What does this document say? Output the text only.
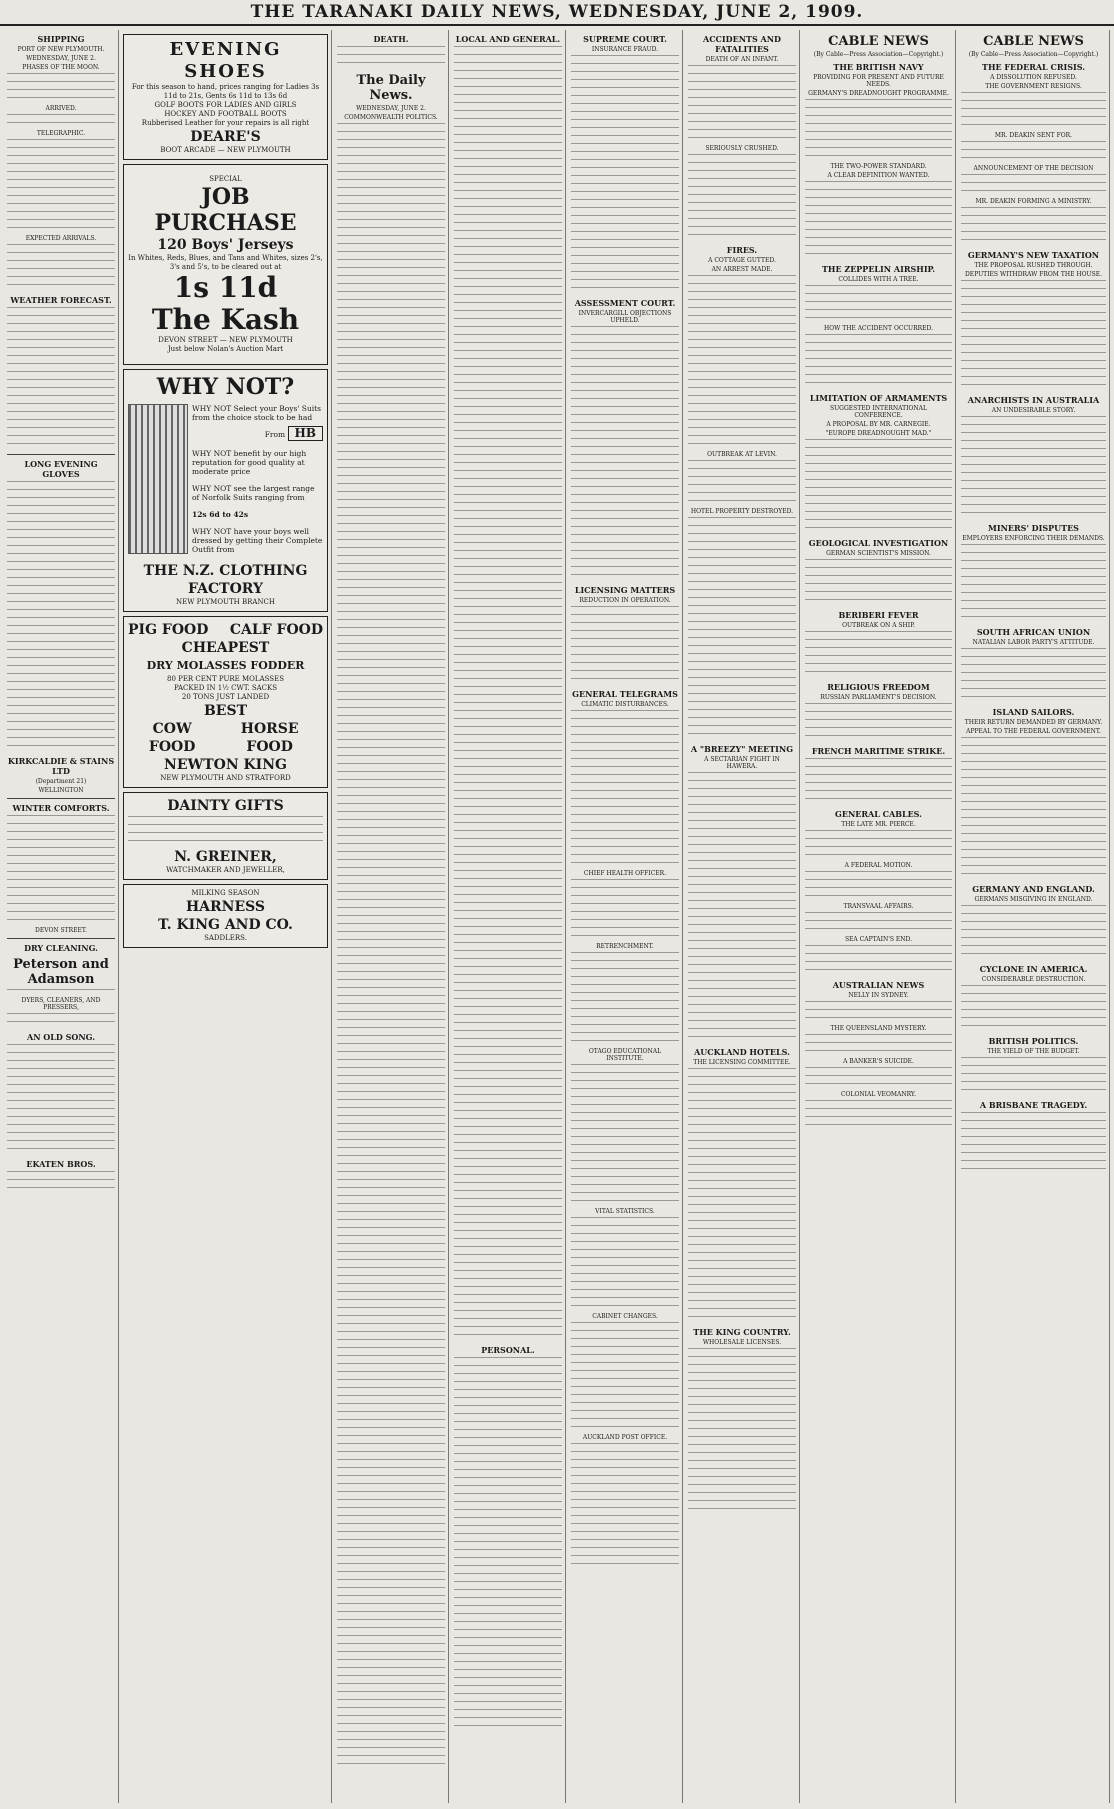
THE TARANAKI DAILY NEWS, WEDNESDAY, JUNE 2, 1909.
SHIPPING
PORT OF NEW PLYMOUTH.
WEDNESDAY, JUNE 2.
PHASES OF THE MOON.
ARRIVED.
TELEGRAPHIC.
EXPECTED ARRIVALS.
WEATHER FORECAST.
LONG EVENING GLOVES
KIRKCALDIE & STAINS LTD
(Department 21)
WELLINGTON
WINTER COMFORTS.
DEVON STREET.
DRY CLEANING.
Peterson and Adamson
DYERS, CLEANERS, AND PRESSERS,
AN OLD SONG.
EKATEN BROS.
EVENING SHOES
For this season to hand, prices ranging for Ladies 3s 11d to 21s, Gents 6s 11d to 13s 6d
GOLF BOOTS FOR LADIES AND GIRLS
HOCKEY AND FOOTBALL BOOTS
Rubberised Leather for your repairs is all right
DEARE'S
BOOT ARCADE — NEW PLYMOUTH
SPECIAL
JOB PURCHASE
120 Boys' Jerseys
In Whites, Reds, Blues, and Tans and Whites, sizes 2's, 3's and 5's, to be cleared out at
1s 11d
The Kash
DEVON STREET — NEW PLYMOUTH
Just below Nolan's Auction Mart
WHY NOT?

WHY NOT Select your Boys' Suits from the choice stock to be had

From HB

WHY NOT benefit by our high reputation for good quality at moderate price

WHY NOT see the largest range of Norfolk Suits ranging from

12s 6d to 42s

WHY NOT have your boys well dressed by getting their Complete Outfit from

THE N.Z. CLOTHING FACTORY
NEW PLYMOUTH BRANCH
PIG FOOD CALF FOOD
CHEAPEST
DRY MOLASSES FODDER
80 PER CENT PURE MOLASSES
PACKED IN 1½ CWT. SACKS
20 TONS JUST LANDED
BEST
COW FOOD
HORSE FOOD
NEWTON KING
NEW PLYMOUTH AND STRATFORD
DAINTY GIFTS
N. GREINER,
WATCHMAKER AND JEWELLER,
MILKING SEASON
HARNESS
T. KING AND CO.
SADDLERS.
DEATH.
The Daily News.
WEDNESDAY, JUNE 2.
COMMONWEALTH POLITICS.
LOCAL AND GENERAL.
PERSONAL.
SUPREME COURT.
INSURANCE FRAUD.
ASSESSMENT COURT.
INVERCARGILL OBJECTIONS UPHELD.
LICENSING MATTERS
REDUCTION IN OPERATION.
GENERAL TELEGRAMS
CLIMATIC DISTURBANCES.
CHIEF HEALTH OFFICER.
RETRENCHMENT.
OTAGO EDUCATIONAL INSTITUTE.
VITAL STATISTICS.
CABINET CHANGES.
AUCKLAND POST OFFICE.
ACCIDENTS AND FATALITIES
DEATH OF AN INFANT.
SERIOUSLY CRUSHED.
FIRES.
A COTTAGE GUTTED.
AN ARREST MADE.
OUTBREAK AT LEVIN.
HOTEL PROPERTY DESTROYED.
A "BREEZY" MEETING
A SECTARIAN FIGHT IN HAWERA.
AUCKLAND HOTELS.
THE LICENSING COMMITTEE.
THE KING COUNTRY.
WHOLESALE LICENSES.
CABLE NEWS
(By Cable—Press Association—Copyright.)
THE BRITISH NAVY
PROVIDING FOR PRESENT AND FUTURE NEEDS.
GERMANY'S DREADNOUGHT PROGRAMME.
THE TWO-POWER STANDARD.
A CLEAR DEFINITION WANTED.
THE ZEPPELIN AIRSHIP.
COLLIDES WITH A TREE.
HOW THE ACCIDENT OCCURRED.
LIMITATION OF ARMAMENTS
SUGGESTED INTERNATIONAL CONFERENCE.
A PROPOSAL BY MR. CARNEGIE.
"EUROPE DREADNOUGHT MAD."
GEOLOGICAL INVESTIGATION
GERMAN SCIENTIST'S MISSION.
BERIBERI FEVER
OUTBREAK ON A SHIP.
RELIGIOUS FREEDOM
RUSSIAN PARLIAMENT'S DECISION.
FRENCH MARITIME STRIKE.
GENERAL CABLES.
THE LATE MR. PIERCE.
A FEDERAL MOTION.
TRANSVAAL AFFAIRS.
SEA CAPTAIN'S END.
AUSTRALIAN NEWS
NELLY IN SYDNEY.
THE QUEENSLAND MYSTERY.
A BANKER'S SUICIDE.
COLONIAL VEOMANRY.
CABLE NEWS
(By Cable—Press Association—Copyright.)
THE FEDERAL CRISIS.
A DISSOLUTION REFUSED.
THE GOVERNMENT RESIGNS.
MR. DEAKIN SENT FOR.
ANNOUNCEMENT OF THE DECISION
MR. DEAKIN FORMING A MINISTRY.
GERMANY'S NEW TAXATION
THE PROPOSAL RUSHED THROUGH.
DEPUTIES WITHDRAW FROM THE HOUSE.
ANARCHISTS IN AUSTRALIA
AN UNDESIRABLE STORY.
MINERS' DISPUTES
EMPLOYERS ENFORCING THEIR DEMANDS.
SOUTH AFRICAN UNION
NATALIAN LABOR PARTY'S ATTITUDE.
ISLAND SAILORS.
THEIR RETURN DEMANDED BY GERMANY.
APPEAL TO THE FEDERAL GOVERNMENT.
GERMANY AND ENGLAND.
GERMANS MISGIVING IN ENGLAND.
CYCLONE IN AMERICA.
CONSIDERABLE DESTRUCTION.
BRITISH POLITICS.
THE YIELD OF THE BUDGET.
A BRISBANE TRAGEDY.
